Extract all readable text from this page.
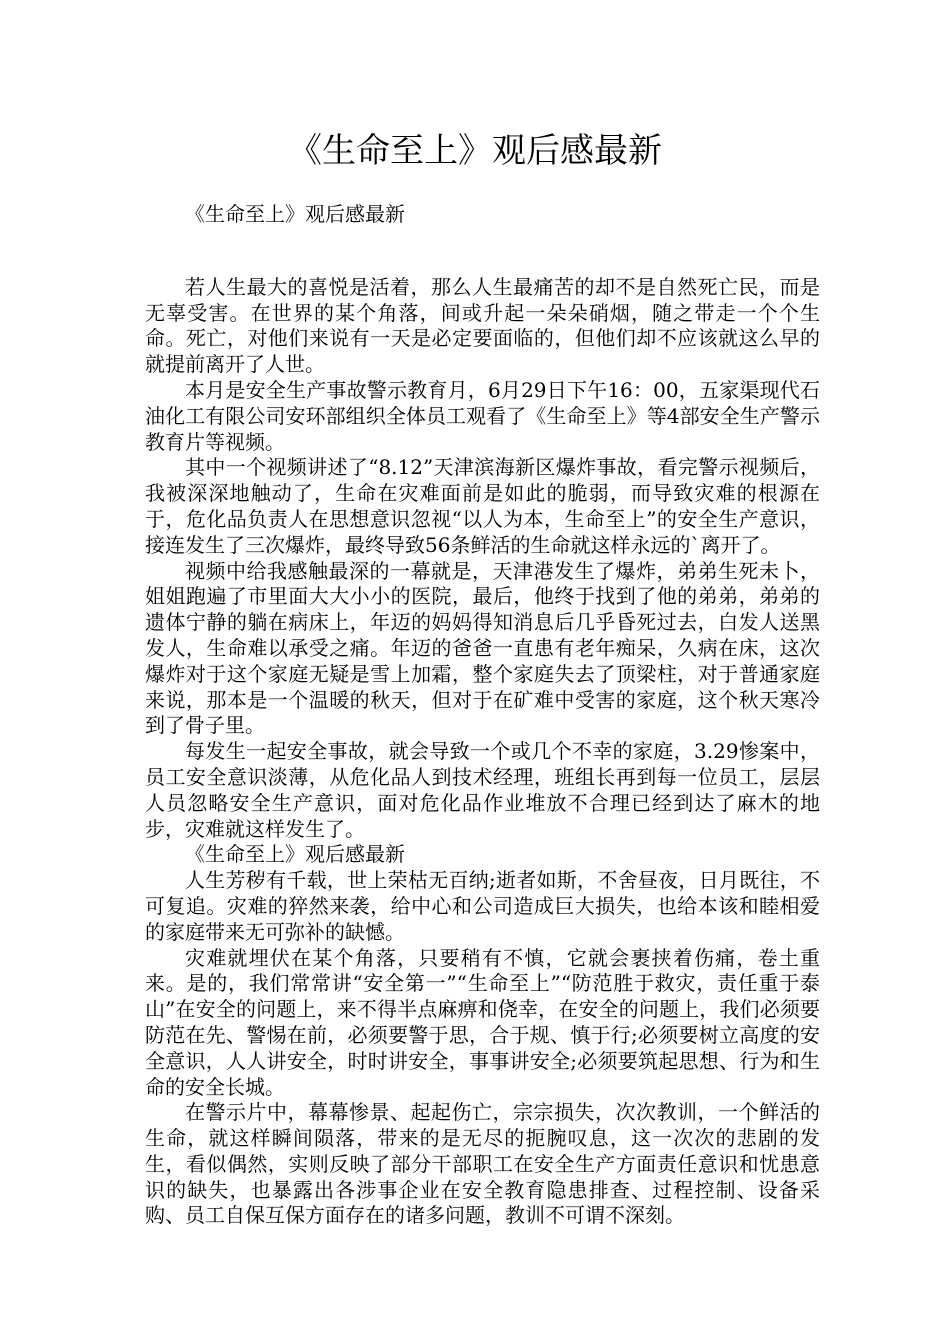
《生命至上》观后感最新

《生命至上》观后感最新

若人生最大的喜悦是活着，那么人生最痛苦的却不是自然死亡民，而是无辜受害。在世界的某个角落，间或升起一朵朵硝烟，随之带走一个个生命。死亡，对他们来说有一天是必定要面临的，但他们却不应该就这么早的就提前离开了人世。

本月是安全生产事故警示教育月，6月29日下午16：00，五家渠现代石油化工有限公司安环部组织全体员工观看了《生命至上》等4部安全生产警示教育片等视频。

其中一个视频讲述了“8.12”天津滨海新区爆炸事故，看完警示视频后，我被深深地触动了，生命在灾难面前是如此的脆弱，而导致灾难的根源在于，危化品负责人在思想意识忽视“以人为本，生命至上”的安全生产意识，接连发生了三次爆炸，最终导致56条鲜活的生命就这样永远的`离开了。

视频中给我感触最深的一幕就是，天津港发生了爆炸，弟弟生死未卜，姐姐跑遍了市里面大大小小的医院，最后，他终于找到了他的弟弟，弟弟的遗体宁静的躺在病床上，年迈的妈妈得知消息后几乎昏死过去，白发人送黑发人，生命难以承受之痛。年迈的爸爸一直患有老年痴呆，久病在床，这次爆炸对于这个家庭无疑是雪上加霜，整个家庭失去了顶梁柱，对于普通家庭来说，那本是一个温暖的秋天，但对于在矿难中受害的家庭，这个秋天寒冷到了骨子里。

每发生一起安全事故，就会导致一个或几个不幸的家庭，3.29惨案中，员工安全意识淡薄，从危化品人到技术经理，班组长再到每一位员工，层层人员忽略安全生产意识，面对危化品作业堆放不合理已经到达了麻木的地步，灾难就这样发生了。

《生命至上》观后感最新

人生芳秽有千载，世上荣枯无百纳;逝者如斯，不舍昼夜，日月既往，不可复追。灾难的猝然来袭，给中心和公司造成巨大损失，也给本该和睦相爱的家庭带来无可弥补的缺憾。

灾难就埋伏在某个角落，只要稍有不慎，它就会裹挟着伤痛，卷土重来。是的，我们常常讲“安全第一”“生命至上”“防范胜于救灾，责任重于泰山”在安全的问题上，来不得半点麻痹和侥幸，在安全的问题上，我们必须要防范在先、警惕在前，必须要警于思，合于规、慎于行;必须要树立高度的安全意识，人人讲安全，时时讲安全，事事讲安全;必须要筑起思想、行为和生命的安全长城。

在警示片中，幕幕惨景、起起伤亡，宗宗损失，次次教训，一个鲜活的生命，就这样瞬间陨落，带来的是无尽的扼腕叹息，这一次次的悲剧的发生，看似偶然，实则反映了部分干部职工在安全生产方面责任意识和忧患意识的缺失，也暴露出各涉事企业在安全教育隐患排查、过程控制、设备采购、员工自保互保方面存在的诸多问题，教训不可谓不深刻。
